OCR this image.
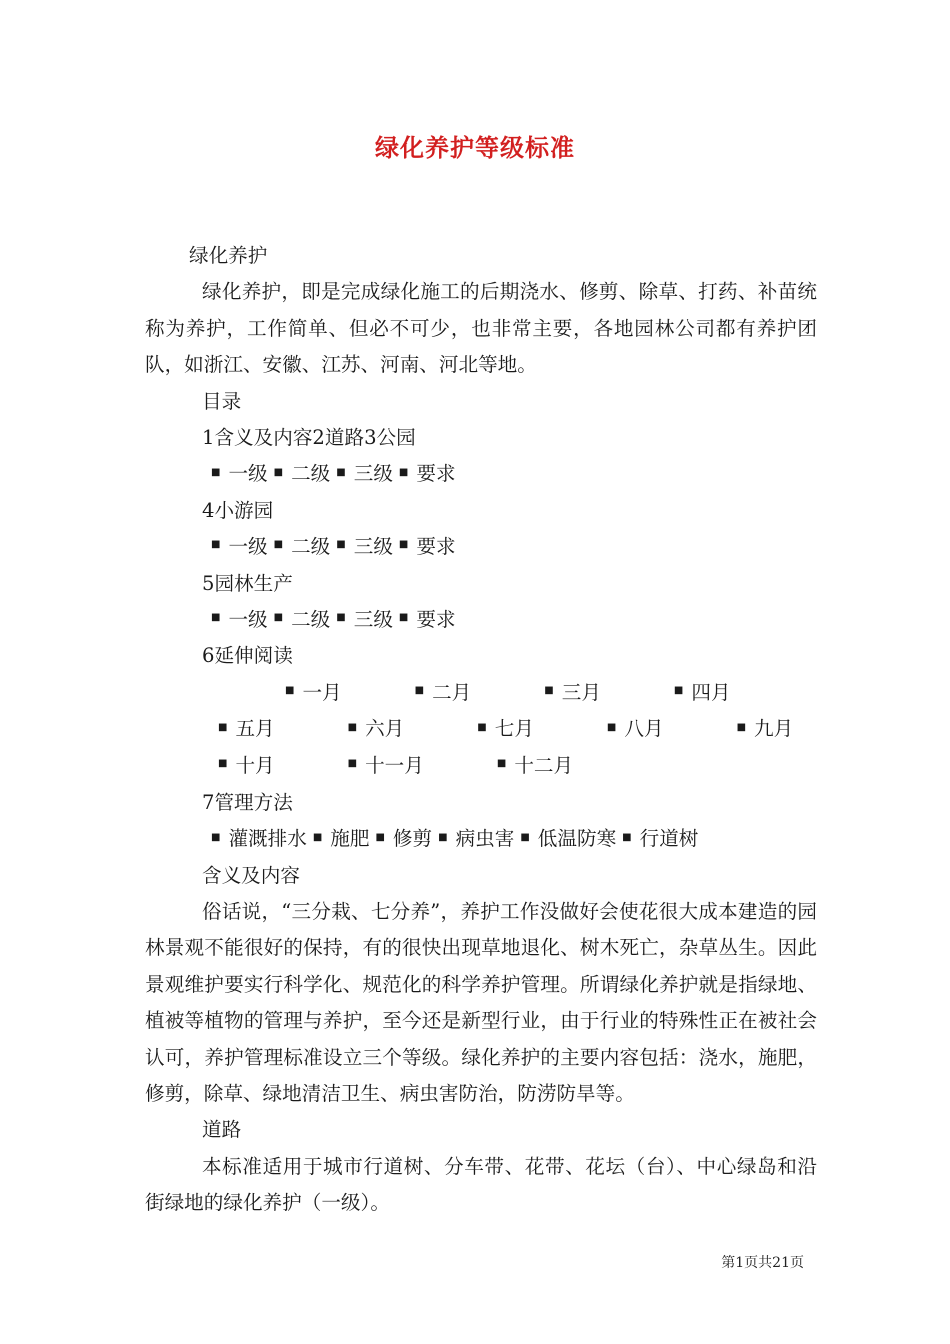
绿化养护等级标准
绿化养护
绿化养护，即是完成绿化施工的后期浇水、修剪、除草、打药、补苗统称为养护，工作简单、但必不可少，也非常主要，各地园林公司都有养护团队，如浙江、安徽、江苏、河南、河北等地。
目录
1含义及内容2道路3公园
■ 一级 ■ 二级 ■ 三级 ■ 要求
4小游园
■ 一级 ■ 二级 ■ 三级 ■ 要求
5园林生产
■ 一级 ■ 二级 ■ 三级 ■ 要求
6延伸阅读
■ 一月	■ 二月	■ 三月	■ 四月■ 五月	■ 六月	■ 七月	■ 八月	■ 九月■ 十月	■ 十一月	■ 十二月
7管理方法
■ 灌溉排水 ■ 施肥 ■ 修剪 ■ 病虫害 ■ 低温防寒 ■ 行道树
含义及内容
俗话说，“三分栽、七分养”，养护工作没做好会使花很大成本建造的园林景观不能很好的保持，有的很快出现草地退化、树木死亡，杂草丛生。因此景观维护要实行科学化、规范化的科学养护管理。所谓绿化养护就是指绿地、植被等植物的管理与养护，至今还是新型行业，由于行业的特殊性正在被社会认可，养护管理标准设立三个等级。绿化养护的主要内容包括：浇水，施肥，修剪，除草、绿地清洁卫生、病虫害防治，防涝防旱等。
道路
本标准适用于城市行道树、分车带、花带、花坛（台）、中心绿岛和沿街绿地的绿化养护（一级）。
第1页共21页
